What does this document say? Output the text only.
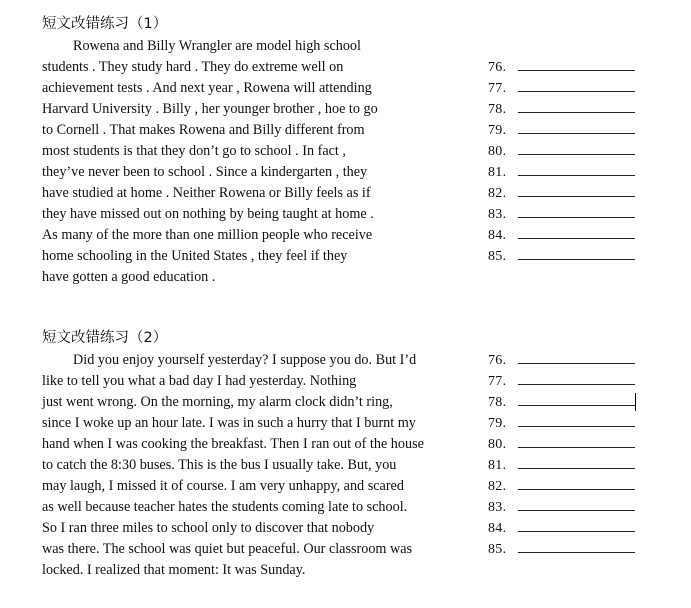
短文改错练习（1）
Rowena and Billy Wrangler are model high school
students . They study hard . They do extreme well on
achievement tests . And next year , Rowena will attending
Harvard University . Billy , her younger brother , hoe to go
to Cornell . That makes Rowena and Billy different from
most students is that they don’t go to school . In fact ,
they’ve never been to school . Since a kindergarten , they
have studied at home . Neither Rowena or Billy feels as if
they have missed out on nothing by being taught at home .
As many of the more than one million people who receive
home schooling in the United States , they feel if they
have gotten a good education .
76.
77.
78.
79.
80.
81.
82.
83.
84.
85.
短文改错练习（2）
Did you enjoy yourself yesterday? I suppose you do. But I’d
like to tell you what a bad day I had yesterday. Nothing
just went wrong. On the morning, my alarm clock didn’t ring,
since I woke up an hour late. I was in such a hurry that I burnt my
hand when I was cooking the breakfast. Then I ran out of the house
to catch the 8:30 buses. This is the bus I usually take. But, you
may laugh, I missed it of course. I am very unhappy, and scared
as well because teacher hates the students coming late to school.
So I ran three miles to school only to discover that nobody
was there. The school was quiet but peaceful. Our classroom was
locked. I realized that moment: It was Sunday.
76.
77.
78.
79.
80.
81.
82.
83.
84.
85.
